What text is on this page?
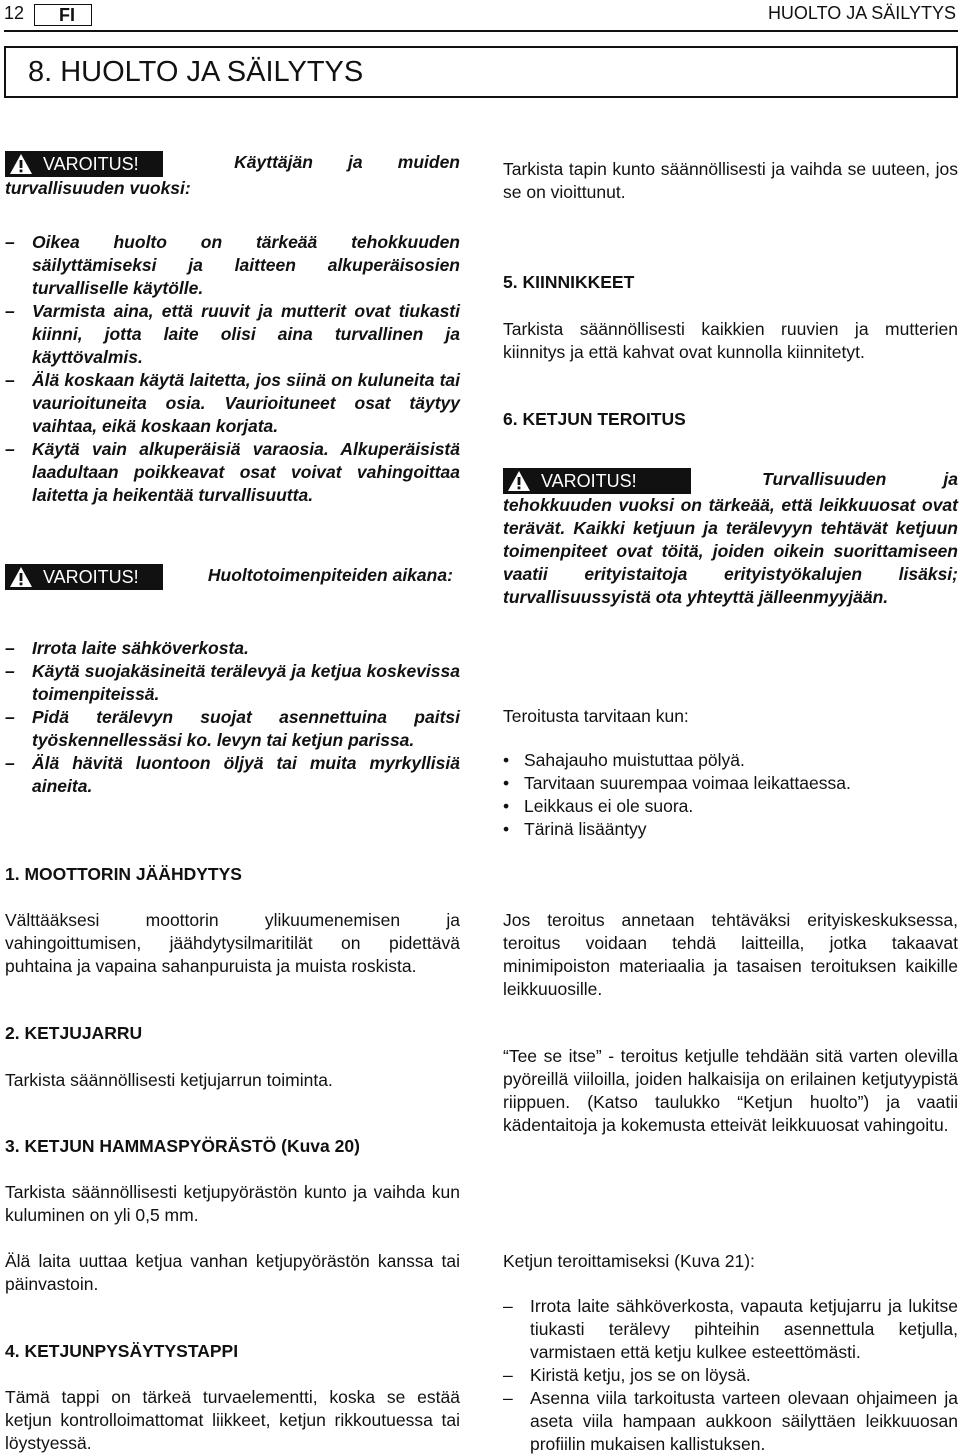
12	FI	HUOLTO JA SÄILYTYS
8. HUOLTO JA SÄILYTYS
VAROITUS!	Käyttäjän ja muiden turvallisuuden vuoksi:
– Oikea huolto on tärkeää tehokkuuden säilyttämiseksi ja laitteen alkuperäisosien turvalliselle käytölle.
– Varmista aina, että ruuvit ja mutterit ovat tiukasti kiinni, jotta laite olisi aina turvallinen ja käyttövalmis.
– Älä koskaan käytä laitetta, jos siinä on kuluneita tai vaurioituneita osia. Vaurioituneet osat täytyy vaihtaa, eikä koskaan korjata.
– Käytä vain alkuperäisiä varaosia. Alkuperäisistä laadultaan poikkeavat osat voivat vahingoittaa laitetta ja heikentää turvallisuutta.
VAROITUS!	Huoltotoimenpiteiden aikana:
– Irrota laite sähköverkosta.
– Käytä suojakäsineitä terälevyä ja ketjua koskevissa toimenpiteissä.
– Pidä terälevyn suojat asennettuina paitsi työskennellessäsi ko. levyn tai ketjun parissa.
– Älä hävitä luontoon öljyä tai muita myrkyllisiä aineita.
1. MOOTTORIN JÄÄHDYTYS
Välttääksesi moottorin ylikuumenemisen ja vahingoittumisen, jäähdytysilmaritilät on pidettävä puhtaina ja vapaina sahanpuruista ja muista roskista.
2. KETJUJARRU
Tarkista säännöllisesti ketjujarrun toiminta.
3. KETJUN HAMMASPYÖRÄSTÖ (Kuva 20)
Tarkista säännöllisesti ketjupyörästön kunto ja vaihda kun kuluminen on yli 0,5 mm.
Älä laita uuttaa ketjua vanhan ketjupyörästön kanssa tai päinvastoin.
4. KETJUNPYSÄYTYSTAPPI
Tämä tappi on tärkeä turvaelementti, koska se estää ketjun kontrolloimattomat liikkeet, ketjun rikkoutuessa tai löystyessä.
Tarkista tapin kunto säännöllisesti ja vaihda se uuteen, jos se on vioittunut.
5. KIINNIKKEET
Tarkista säännöllisesti kaikkien ruuvien ja mutterien kiinnitys ja että kahvat ovat kunnolla kiinnitetyt.
6. KETJUN TEROITUS
VAROITUS!	Turvallisuuden ja tehokkuuden vuoksi on tärkeää, että leikkuuosat ovat terävät. Kaikki ketjuun ja terälevyyn tehtävät ketjuun toimenpiteet ovat töitä, joiden oikein suorittamiseen vaatii erityistaitoja erityistyökalujen lisäksi; turvallisuussyistä ota yhteyttä jälleenmyyjään.
Teroitusta tarvitaan kun:
• Sahajauho muistuttaa pölyä.
• Tarvitaan suurempaa voimaa leikattaessa.
• Leikkaus ei ole suora.
• Tärinä lisääntyy
Jos teroitus annetaan tehtäväksi erityiskeskuksessa, teroitus voidaan tehdä laitteilla, jotka takaavat minimipoiston materiaalia ja tasaisen teroituksen kaikille leikkuuosille.
“Tee se itse” - teroitus ketjulle tehdään sitä varten olevilla pyöreillä viiloilla, joiden halkaisija on erilainen ketjutyypistä riippuen. (Katso taulukko “Ketjun huolto”) ja vaatii kädentaitoja ja kokemusta etteivät leikkuuosat vahingoitu.
Ketjun teroittamiseksi (Kuva 21):
– Irrota laite sähköverkosta, vapauta ketjujarru ja lukitse tiukasti terälevy pihteihin asennettula ketjulla, varmistaen että ketju kulkee esteettömästi.
– Kiristä ketju, jos se on löysä.
– Asenna viila tarkoitusta varteen olevaan ohjaimeen ja aseta viila hampaan aukkoon säilyttäen leikkuuosan profiilin mukaisen kallistuksen.
